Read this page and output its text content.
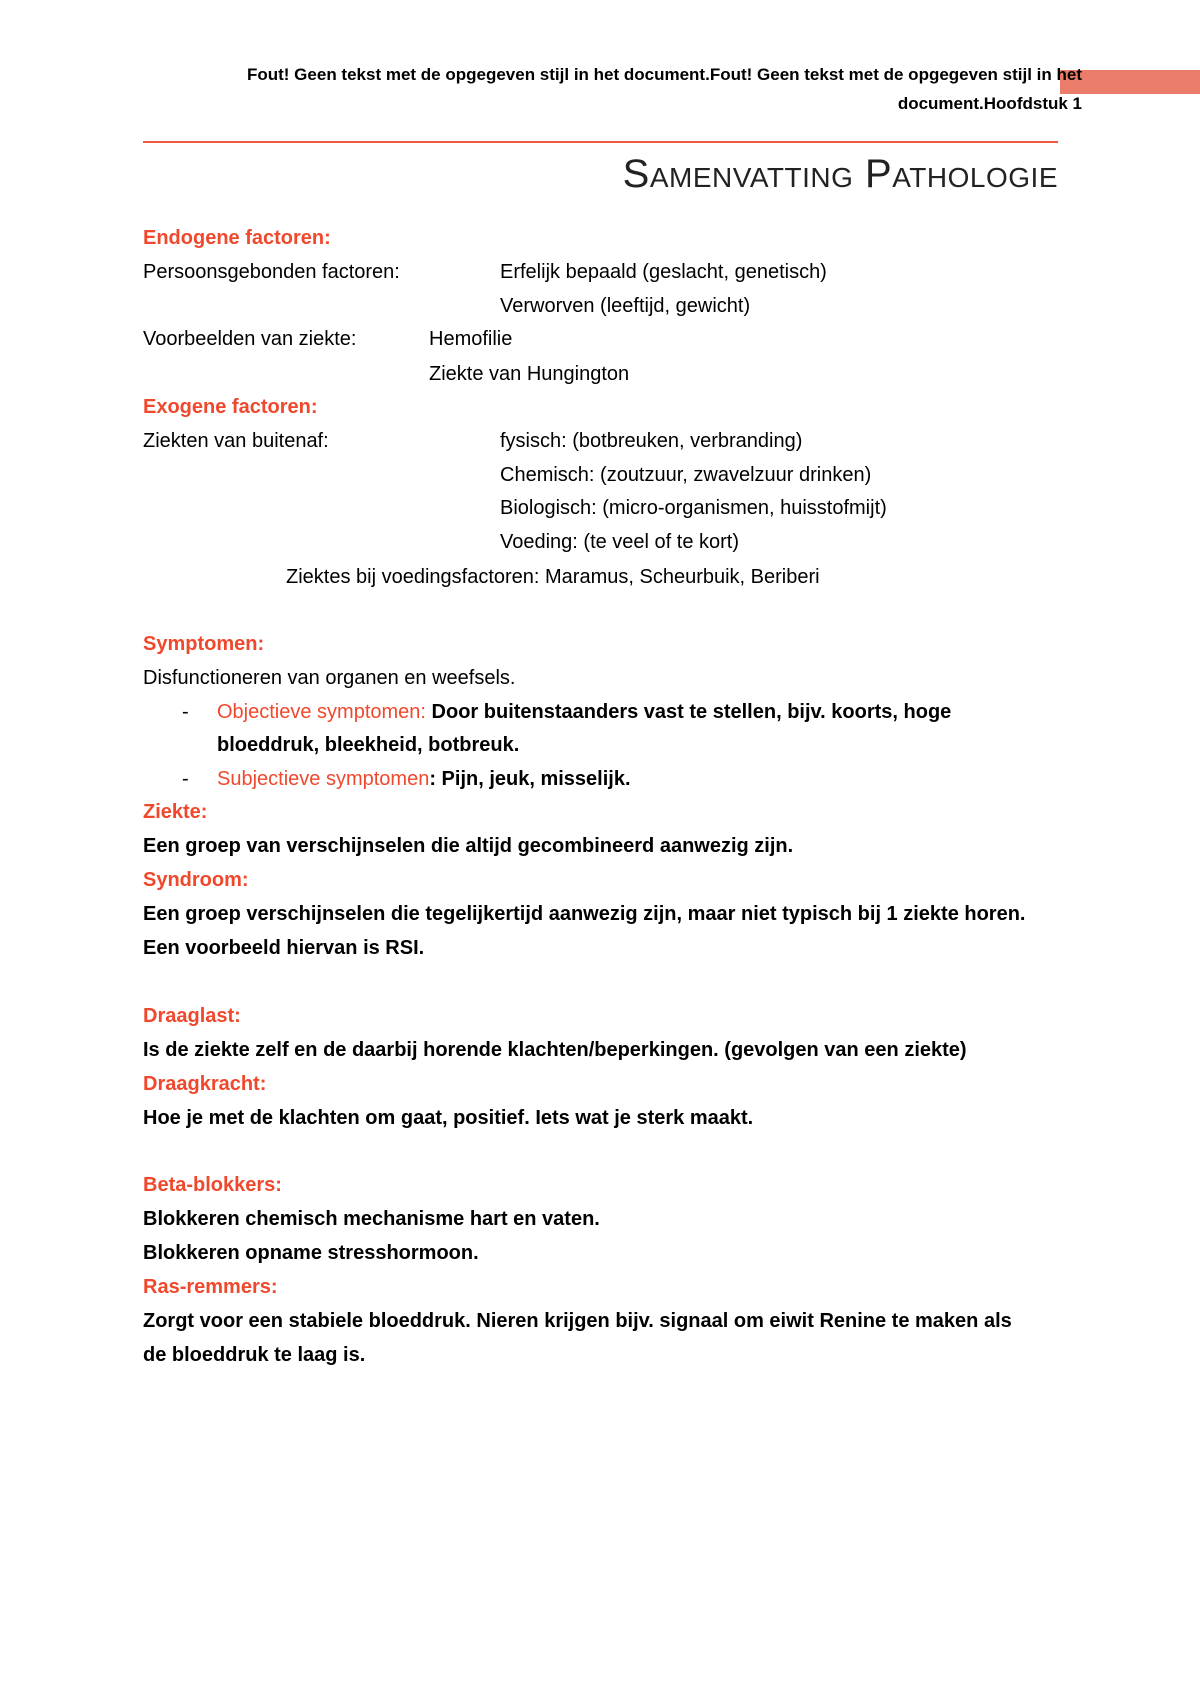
Fout! Geen tekst met de opgegeven stijl in het document.Fout! Geen tekst met de opgegeven stijl in het
document.Hoofdstuk 1
Samenvatting Pathologie
Endogene factoren:
Persoonsgebonden factoren:	Erfelijk bepaald (geslacht, genetisch)
Verworven (leeftijd, gewicht)
Voorbeelden van ziekte:	Hemofilie
Ziekte van Hungington
Exogene factoren:
Ziekten van buitenaf:	fysisch: (botbreuken, verbranding)
Chemisch: (zoutzuur, zwavelzuur drinken)
Biologisch: (micro-organismen, huisstofmijt)
Voeding: (te veel of te kort)
Ziektes bij voedingsfactoren: Maramus, Scheurbuik, Beriberi
Symptomen:
Disfunctioneren van organen en weefsels.
- Objectieve symptomen: Door buitenstaanders vast te stellen, bijv. koorts, hoge
bloeddruk, bleekheid, botbreuk.
- Subjectieve symptomen: Pijn, jeuk, misselijk.
Ziekte:
Een groep van verschijnselen die altijd gecombineerd aanwezig zijn.
Syndroom:
Een groep verschijnselen die tegelijkertijd aanwezig zijn, maar niet typisch bij 1 ziekte horen.
Een voorbeeld hiervan is RSI.
Draaglast:
Is de ziekte zelf en de daarbij horende klachten/beperkingen. (gevolgen van een ziekte)
Draagkracht:
Hoe je met de klachten om gaat, positief. Iets wat je sterk maakt.
Beta-blokkers:
Blokkeren chemisch mechanisme hart en vaten.
Blokkeren opname stresshormoon.
Ras-remmers:
Zorgt voor een stabiele bloeddruk. Nieren krijgen bijv. signaal om eiwit Renine te maken als
de bloeddruk te laag is.
